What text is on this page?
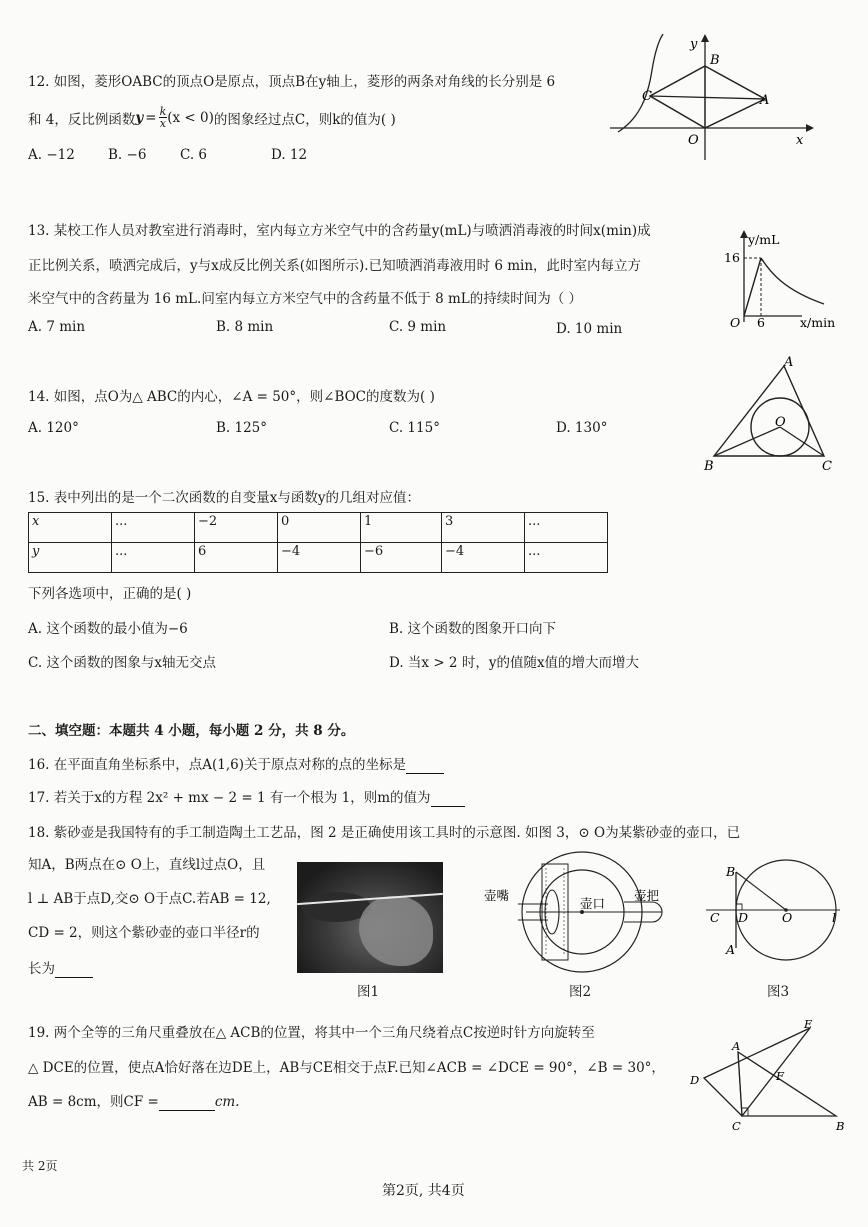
12. 如图，菱形OABC的顶点O是原点，顶点B在y轴上，菱形的两条对角线的长分别是 6
和 4，反比例函数 $y = \frac{k}{x} (x < 0)$ 的图象经过点C，则k的值为( )
A. −12 B. −6 C. 6	D. 12
y
B
C	A
O	x
13. 某校工作人员对教室进行消毒时，室内每立方米空气中的含药量y(mL)与喷洒消毒液的时间x(min)成
正比例关系，喷洒完成后，y与x成反比例关系(如图所示).已知喷洒消毒液用时 6 min，此时室内每立方
米空气中的含药量为 16 mL.问室内每立方米空气中的含药量不低于 8 mL的持续时间为（ ）
A. 7 min	B. 8 min	C. 9 min	D. 10 min
y/mL
16
O 6	x/min
14. 如图，点O为△ ABC的内心，∠A = 50°，则∠BOC的度数为( )
A. 120°	B. 125°	C. 115°	D. 130°
A
O
B	C
15. 表中列出的是一个二次函数的自变量x与函数y的几组对应值：
x	...	−2	0	1	3	...
y	...	6	−4	−6	−4	...
下列各选项中，正确的是( )
A. 这个函数的最小值为−6	B. 这个函数的图象开口向下
C. 这个函数的图象与x轴无交点	D. 当x > 2 时，y的值随x值的增大而增大
二、填空题：本题共 4 小题，每小题 2 分，共 8 分。
16. 在平面直角坐标系中，点A(1,6)关于原点对称的点的坐标是
17. 若关于x的方程 2x² + mx − 2 = 1 有一个根为 1，则m的值为
18. 紫砂壶是我国特有的手工制造陶土工艺品，图 2 是正确使用该工具时的示意图. 如图 3，⊙ O为某紫砂壶的壶口，已
知A，B两点在⊙ O上，直线l过点O，且
l ⊥ AB于点D,交⊙ O于点C.若AB = 12,
CD = 2，则这个紫砂壶的壶口半径r的
长为
图1
壶嘴
壶口
壶把
图2
B
C D	O	l
A
图3
19. 两个全等的三角尺重叠放在△ ACB的位置，将其中一个三角尺绕着点C按逆时针方向旋转至
△ DCE的位置，使点A恰好落在边DE上，AB与CE相交于点F.已知∠ACB = ∠DCE = 90°，∠B = 30°，
AB = 8cm，则CF =	cm.
E
A
D	F
C	B
共 2页
第2页, 共4页
